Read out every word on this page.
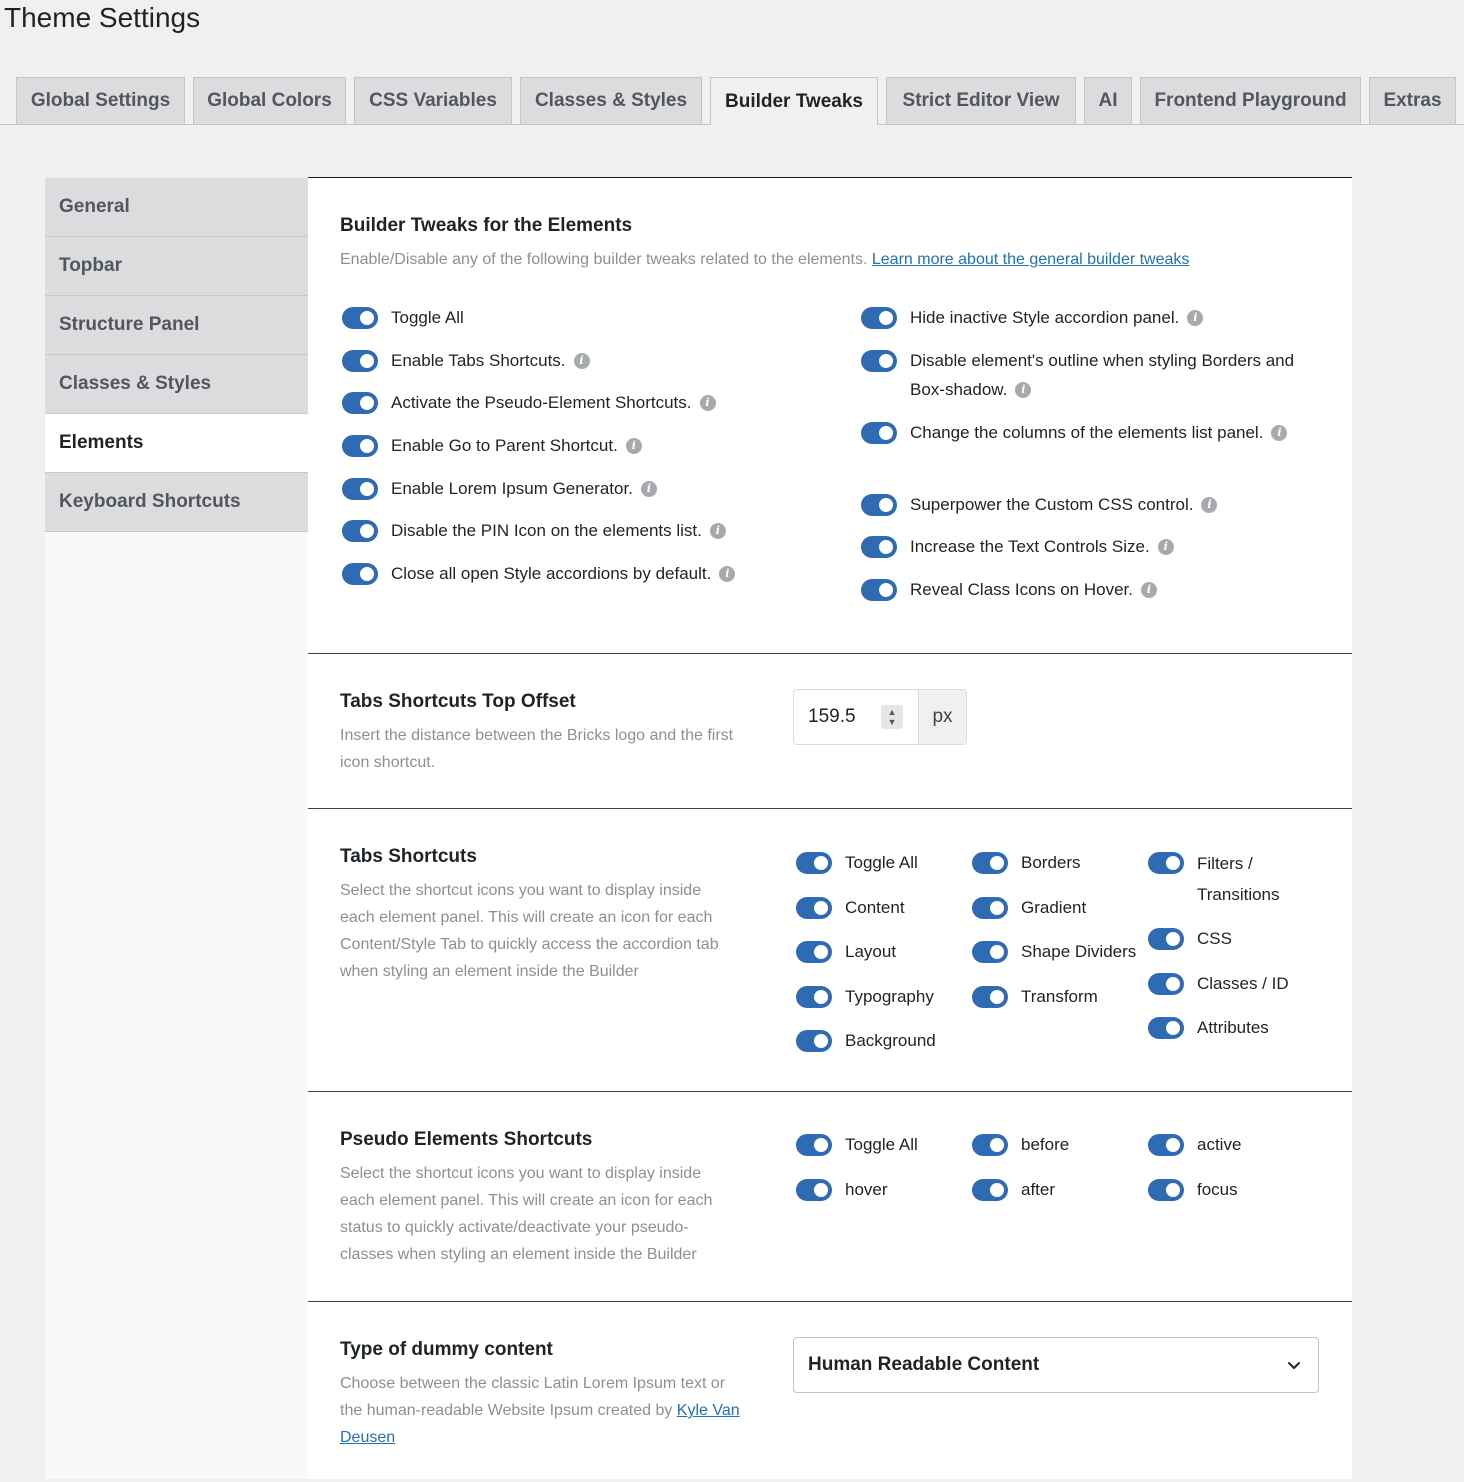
Theme Settings
Global Settings	Global Colors	CSS Variables	Classes & Styles	Builder Tweaks	Strict Editor View	AI	Frontend Playground	Extras
General
Topbar
Structure Panel
Classes & Styles
Elements
Keyboard Shortcuts
Builder Tweaks for the Elements
Enable/Disable any of the following builder tweaks related to the elements. Learn more about the general builder tweaks
Toggle All
Enable Tabs Shortcuts. i
Activate the Pseudo-Element Shortcuts. i
Enable Go to Parent Shortcut. i
Enable Lorem Ipsum Generator. i
Disable the PIN Icon on the elements list. i
Close all open Style accordions by default. i
Hide inactive Style accordion panel. i
Disable element's outline when styling Borders and Box-shadow. i
Change the columns of the elements list panel. i
Superpower the Custom CSS control. i
Increase the Text Controls Size. i
Reveal Class Icons on Hover. i
Tabs Shortcuts Top Offset
Insert the distance between the Bricks logo and the first icon shortcut.
159.5	▲
▼	px
Tabs Shortcuts
Select the shortcut icons you want to display inside each element panel. This will create an icon for each Content/Style Tab to quickly access the accordion tab when styling an element inside the Builder
Toggle All
Content
Layout
Typography
Background
Borders
Gradient
Shape Dividers
Transform
Filters / Transitions
CSS
Classes / ID
Attributes
Pseudo Elements Shortcuts
Select the shortcut icons you want to display inside each element panel. This will create an icon for each status to quickly activate/deactivate your pseudo-classes when styling an element inside the Builder
Toggle All
hover
before
after
active
focus
Type of dummy content
Choose between the classic Latin Lorem Ipsum text or the human-readable Website Ipsum created by Kyle Van Deusen
Human Readable Content
